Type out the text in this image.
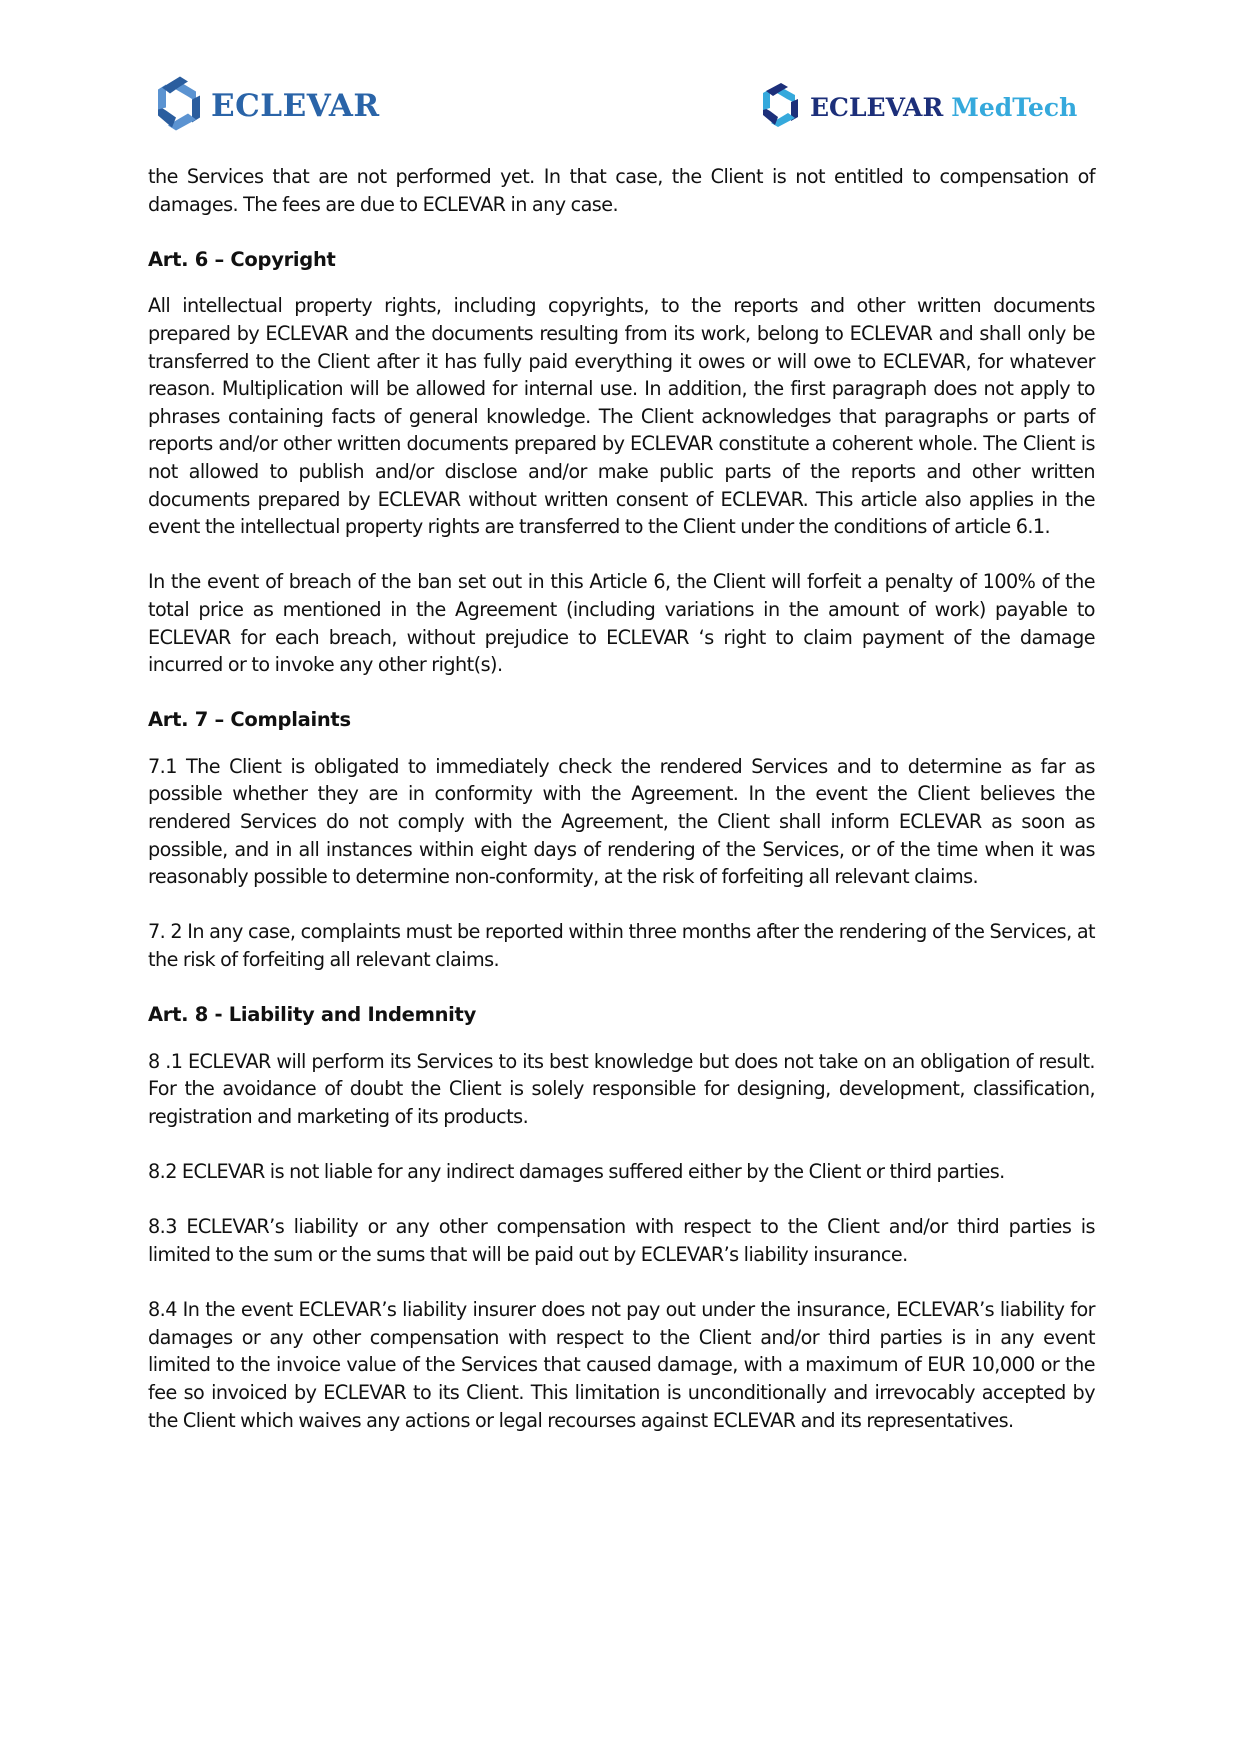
ECLEVAR	ECLEVAR MedTech

the Services that are not performed yet. In that case, the Client is not entitled to compensation of damages. The fees are due to ECLEVAR in any case.

Art. 6 – Copyright

All intellectual property rights, including copyrights, to the reports and other written documents prepared by ECLEVAR and the documents resulting from its work, belong to ECLEVAR and shall only be transferred to the Client after it has fully paid everything it owes or will owe to ECLEVAR, for whatever reason. Multiplication will be allowed for internal use. In addition, the first paragraph does not apply to phrases containing facts of general knowledge. The Client acknowledges that paragraphs or parts of reports and/or other written documents prepared by ECLEVAR constitute a coherent whole. The Client is not allowed to publish and/or disclose and/or make public parts of the reports and other written documents prepared by ECLEVAR without written consent of ECLEVAR. This article also applies in the event the intellectual property rights are transferred to the Client under the conditions of article 6.1.

In the event of breach of the ban set out in this Article 6, the Client will forfeit a penalty of 100% of the total price as mentioned in the Agreement (including variations in the amount of work) payable to ECLEVAR for each breach, without prejudice to ECLEVAR ‘s right to claim payment of the damage incurred or to invoke any other right(s).

Art. 7 – Complaints

7.1 The Client is obligated to immediately check the rendered Services and to determine as far as possible whether they are in conformity with the Agreement. In the event the Client believes the rendered Services do not comply with the Agreement, the Client shall inform ECLEVAR as soon as possible, and in all instances within eight days of rendering of the Services, or of the time when it was reasonably possible to determine non-conformity, at the risk of forfeiting all relevant claims.

7. 2 In any case, complaints must be reported within three months after the rendering of the Services, at the risk of forfeiting all relevant claims.

Art. 8 - Liability and Indemnity

8 .1 ECLEVAR will perform its Services to its best knowledge but does not take on an obligation of result. For the avoidance of doubt the Client is solely responsible for designing, development, classification, registration and marketing of its products.

8.2 ECLEVAR is not liable for any indirect damages suffered either by the Client or third parties.

8.3 ECLEVAR’s liability or any other compensation with respect to the Client and/or third parties is limited to the sum or the sums that will be paid out by ECLEVAR’s liability insurance.

8.4 In the event ECLEVAR’s liability insurer does not pay out under the insurance, ECLEVAR’s liability for damages or any other compensation with respect to the Client and/or third parties is in any event limited to the invoice value of the Services that caused damage, with a maximum of EUR 10,000 or the fee so invoiced by ECLEVAR to its Client. This limitation is unconditionally and irrevocably accepted by the Client which waives any actions or legal recourses against ECLEVAR and its representatives.
